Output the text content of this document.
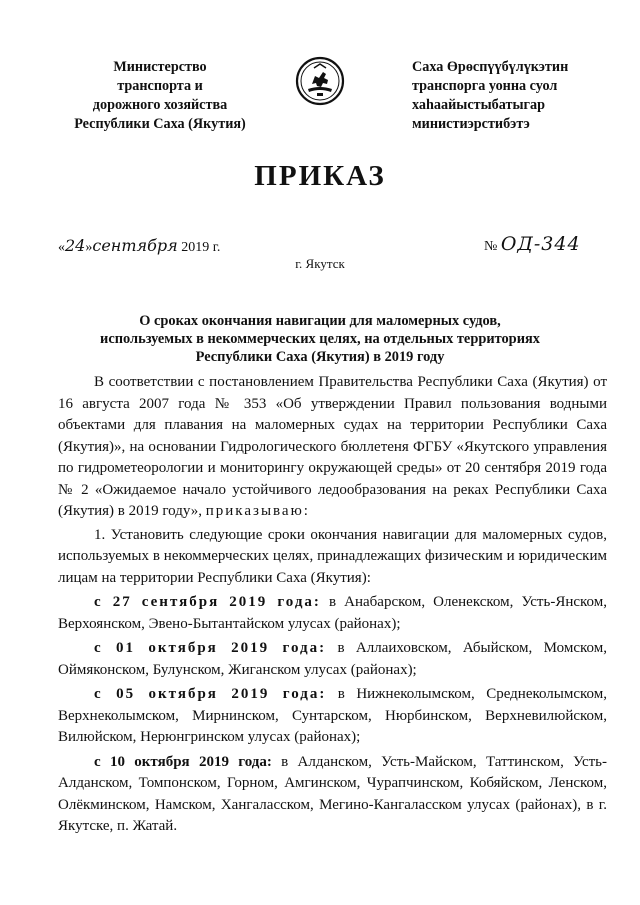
Министерство
транспорта и
дорожного хозяйства
Республики Саха (Якутия)
Саха Өрөспүүбүлүкэтин
транспорга уонна суол
хаһаайыстыбатыгар
министиэрстибэтэ
ПРИКАЗ
«24»сентября 2019 г.	№ ОД-344
г. Якутск
О сроках окончания навигации для маломерных судов,
используемых в некоммерческих целях, на отдельных территориях
Республики Саха (Якутия) в 2019 году

В соответствии с постановлением Правительства Республики Саха (Якутия) от 16 августа 2007 года № 353 «Об утверждении Правил пользования водными объектами для плавания на маломерных судах на территории Республики Саха (Якутия)», на основании Гидрологического бюллетеня ФГБУ «Якутского управления по гидрометеорологии и мониторингу окружающей среды» от 20 сентября 2019 года № 2 «Ожидаемое начало устойчивого ледообразования на реках Республики Саха (Якутия) в 2019 году», приказываю:

1. Установить следующие сроки окончания навигации для маломерных судов, используемых в некоммерческих целях, принадлежащих физическим и юридическим лицам на территории Республики Саха (Якутия):

с 27 сентября 2019 года: в Анабарском, Оленекском, Усть-Янском, Верхоянском, Эвено-Бытантайском улусах (районах);

с 01 октября 2019 года: в Аллаиховском, Абыйском, Момском, Оймяконском, Булунском, Жиганском улусах (районах);

с 05 октября 2019 года: в Нижнеколымском, Среднеколымском, Верхнеколымском, Мирнинском, Сунтарском, Нюрбинском, Верхневилюйском, Вилюйском, Нерюнгринском улусах (районах);

с 10 октября 2019 года: в Алданском, Усть-Майском, Таттинском, Усть-Алданском, Томпонском, Горном, Амгинском, Чурапчинском, Кобяйском, Ленском, Олёкминском, Намском, Хангаласском, Мегино-Кангаласском улусах (районах), в г. Якутске, п. Жатай.
